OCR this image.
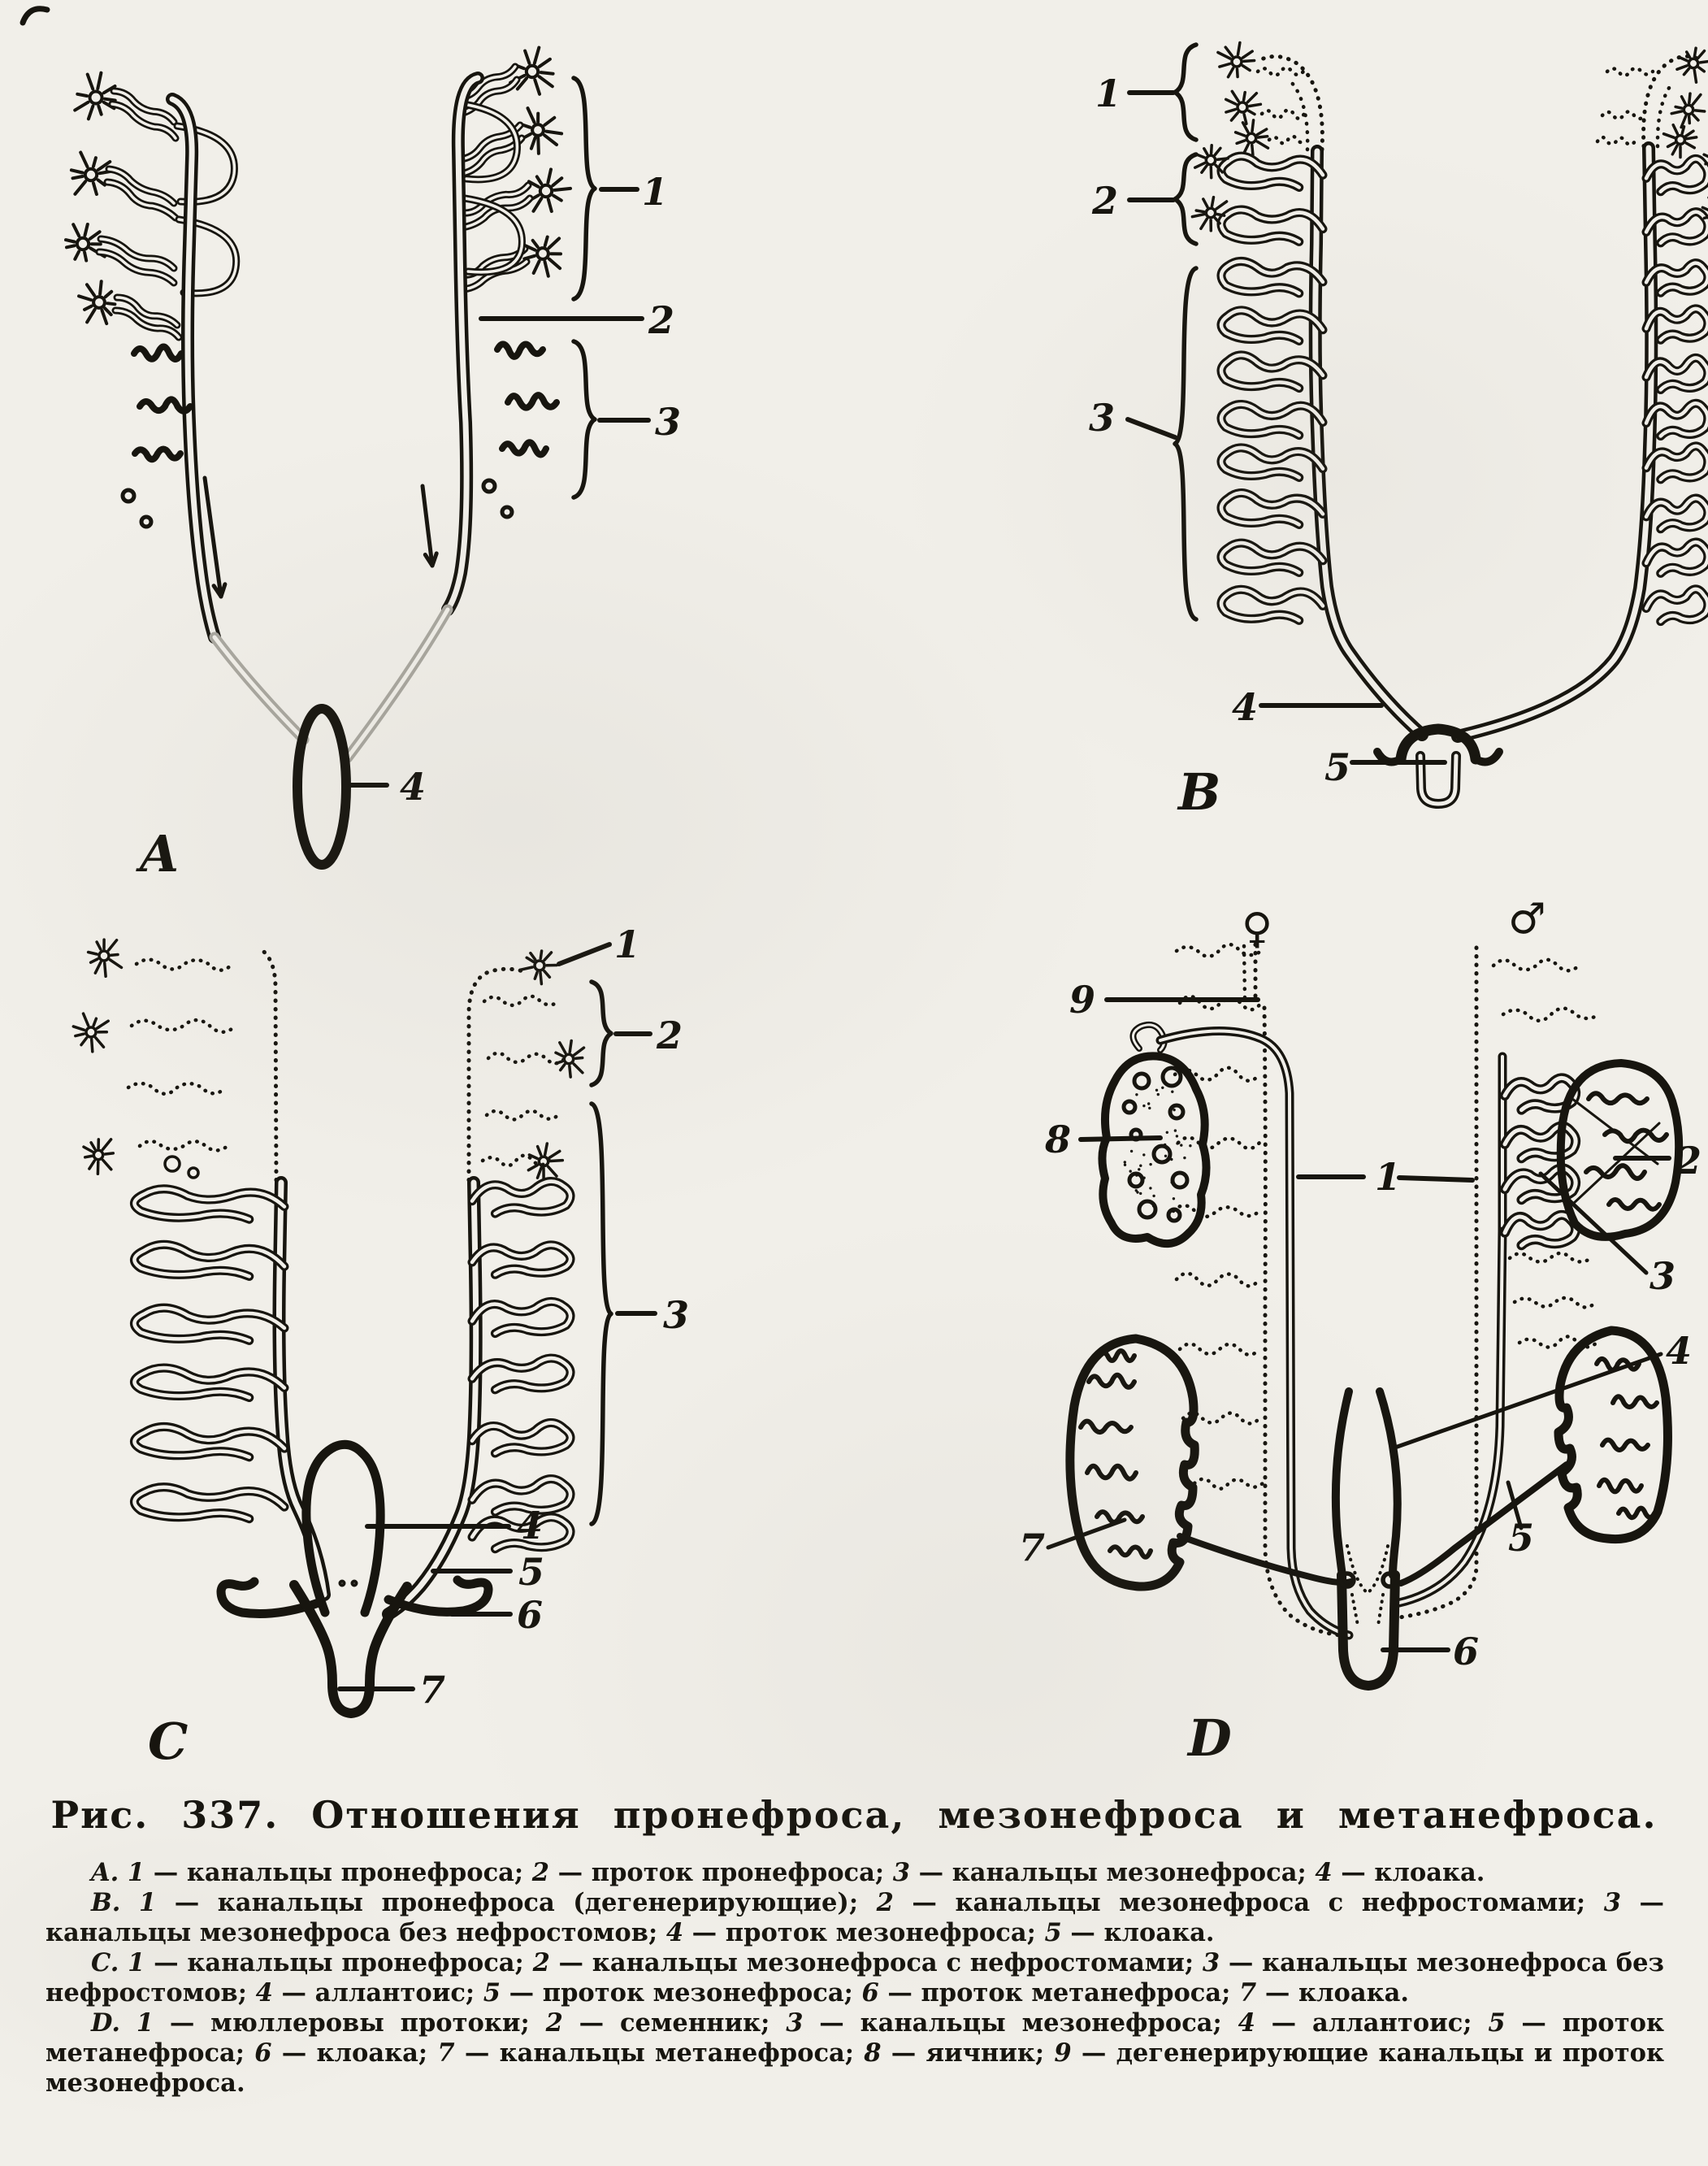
1
2
3
4
A
1
2
3
4
5
B
1
2
3
4
5
6
7
C
♀	♂
9
8
1	2
3
4
5
6
7
D
Рис. 337. Отношения пронефроса, мезонефроса и метанефроса.

A. 1 — канальцы пронефроса; 2 — проток пронефроса; 3 — канальцы мезонефроса; 4 — клоака.

B. 1 — канальцы пронефроса (дегенерирующие); 2 — канальцы мезонефроса с нефростомами; 3 — канальцы мезонефроса без нефростомов; 4 — проток мезонефроса; 5 — клоака.

C. 1 — канальцы пронефроса; 2 — канальцы мезонефроса с нефростомами; 3 — канальцы мезонефроса без нефростомов; 4 — аллантоис; 5 — проток мезонефроса; 6 — проток метанефроса; 7 — клоака.

D. 1 — мюллеровы протоки; 2 — семенник; 3 — канальцы мезонефроса; 4 — аллантоис; 5 — проток метанефроса; 6 — клоака; 7 — канальцы метанефроса; 8 — яичник; 9 — дегенерирующие канальцы и проток мезонефроса.
